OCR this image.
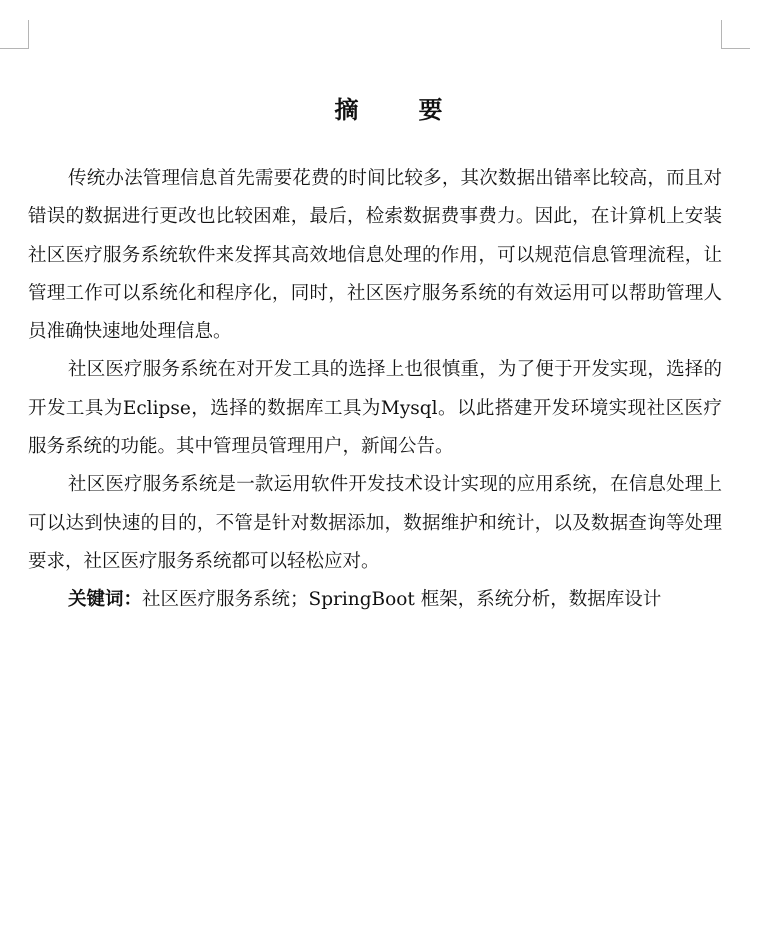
摘　要

传统办法管理信息首先需要花费的时间比较多，其次数据出错率比较高，而且对错误的数据进行更改也比较困难，最后，检索数据费事费力。因此，在计算机上安装社区医疗服务系统软件来发挥其高效地信息处理的作用，可以规范信息管理流程，让管理工作可以系统化和程序化，同时，社区医疗服务系统的有效运用可以帮助管理人员准确快速地处理信息。

社区医疗服务系统在对开发工具的选择上也很慎重，为了便于开发实现，选择的开发工具为Eclipse，选择的数据库工具为Mysql。以此搭建开发环境实现社区医疗服务系统的功能。其中管理员管理用户，新闻公告。

社区医疗服务系统是一款运用软件开发技术设计实现的应用系统，在信息处理上可以达到快速的目的，不管是针对数据添加，数据维护和统计，以及数据查询等处理要求，社区医疗服务系统都可以轻松应对。

关键词：社区医疗服务系统；SpringBoot 框架，系统分析，数据库设计
